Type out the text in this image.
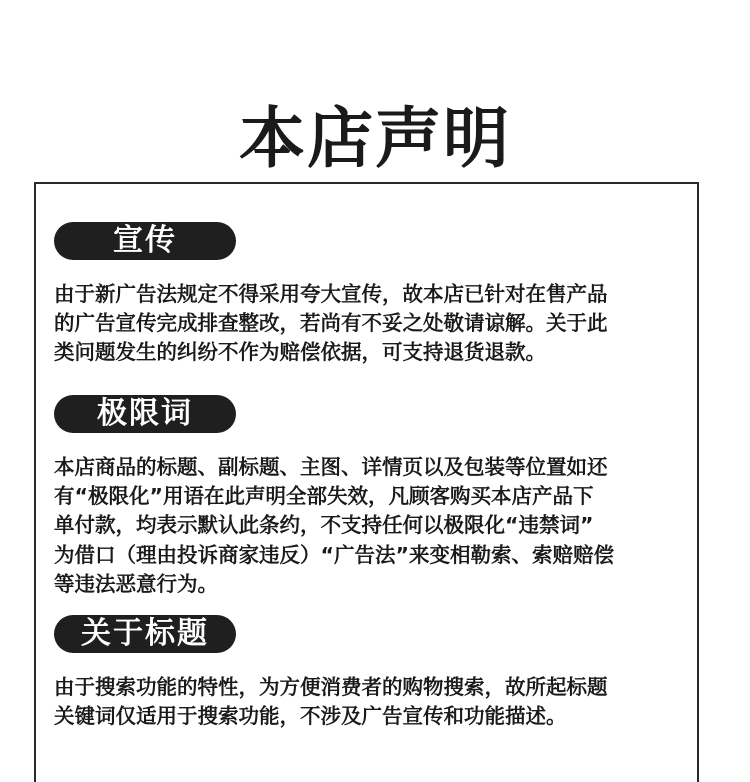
本店声明
宣传

由于新广告法规定不得采用夸大宣传，故本店已针对在售产品
的广告宣传完成排查整改，若尚有不妥之处敬请谅解。关于此
类问题发生的纠纷不作为赔偿依据，可支持退货退款。

极限词

本店商品的标题、副标题、主图、详情页以及包装等位置如还
有“极限化”用语在此声明全部失效，凡顾客购买本店产品下
单付款，均表示默认此条约，不支持任何以极限化“违禁词”
为借口（理由投诉商家违反）“广告法”来变相勒索、索赔赔偿
等违法恶意行为。

关于标题

由于搜索功能的特性，为方便消费者的购物搜索，故所起标题
关键词仅适用于搜索功能，不涉及广告宣传和功能描述。
